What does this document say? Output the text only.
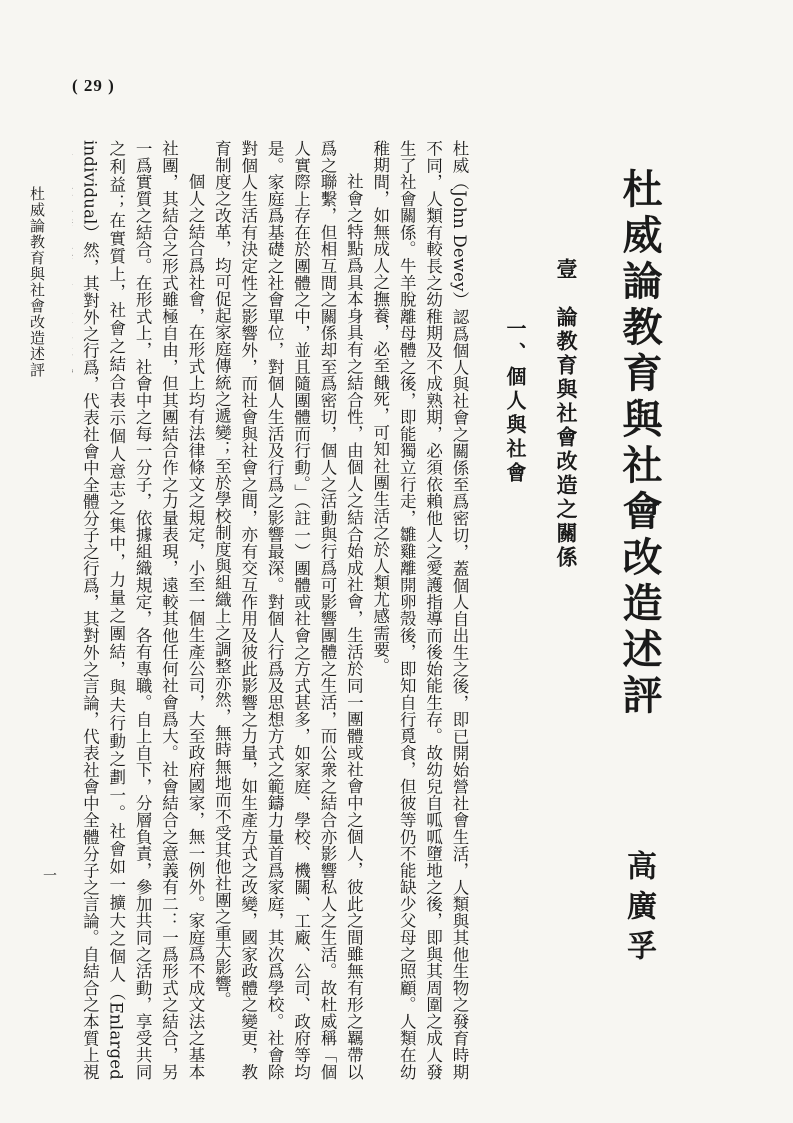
( 29 )
杜威論教育與社會改造述評
高廣孚
壹　論教育與社會改造之關係
一、個人與社會

杜威（John Dewey）認爲個人與社會之關係至爲密切，蓋個人自出生之後，即已開始營社會生活，人類與其他生物之發育時期不同，人類有較長之幼稚期及不成熟期，必須依賴他人之愛護指導而後始能生存。故幼兒自呱呱墮地之後，即與其周圍之成人發生了社會關係。牛羊脫離母體之後，即能獨立行走，雛雞離開卵殼後，即知自行覓食，但彼等仍不能缺少父母之照顧。人類在幼稚期間，如無成人之撫養，必至餓死，可知社團生活之於人類尤感需要。

社會之特點爲具本身具有之結合性，由個人之結合始成社會，生活於同一團體或社會中之個人，彼此之間雖無有形之羈帶以爲之聯繫，但相互間之關係却至爲密切，個人之活動與行爲可影響團體之生活，而公衆之結合亦影響私人之生活。故杜威稱「個人實際上存在於團體之中，並且隨團體而行動。」（註一）團體或社會之方式甚多，如家庭、學校、機關、工廠、公司、政府等均是。家庭爲基礎之社會單位，對個人生活及行爲之影響最深。對個人行爲及思想方式之範鑄力量首爲家庭，其次爲學校。社會除對個人生活有決定性之影響外，而社會與社會之間，亦有交互作用及彼此影響之力量，如生產方式之改變，國家政體之變更，教育制度之改革，均可促起家庭傳統之遞變；至於學校制度與組織上之調整亦然，無時無地而不受其他社團之重大影響。

個人之結合爲社會，在形式上均有法律條文之規定，小至一個生產公司，大至政府國家，無一例外。家庭爲不成文法之基本社團，其結合之形式雖極自由，但其團結合作之力量表現，遠較其他任何社會爲大。社會結合之意義有二：一爲形式之結合，另一爲實質之結合。在形式上，社會中之每一分子，依據組織規定，各有專職。自上自下，分層負責，參加共同之活動，享受共同之利益；在實質上，社會之結合表示個人意志之集中，力量之團結，與夫行動之劃一。社會如一擴大之個人（Enlarged individual）然，其對外之行爲，代表社會中全體分子之行爲，其對外之言論，代表社會中全體分子之言論。自結合之本質上視

一
杜威論教育與社會改造述評
